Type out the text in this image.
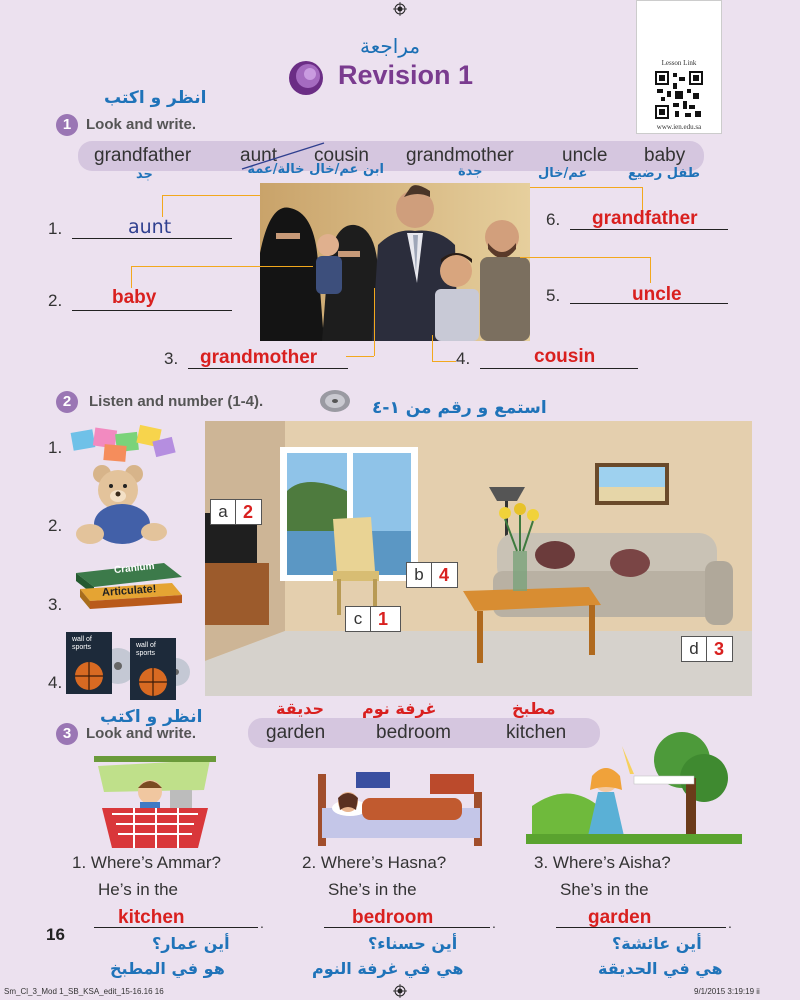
مراجعة
Revision 1	Lesson Link
www.ien.edu.sa
انظر و اكتب
1 Look and write.
grandfather	aunt cousin grandmother	uncle baby
جد	ابن عم/خال خالة/عمة	جدة	عم/خال	طفل رضيع
1.	aunt
2.	baby
3. grandmother	4.	cousin
5.	uncle
6. grandfather
2	Listen and number (1-4).	استمع و رقم من ١-٤
1.
2.
3.
Cranium
Articulate!
4.
wall of sports	wall of sports
a 2
b 4
c 1
d 3
انظر و اكتب
3 Look and write.
حديقة غرفة نوم	مطبخ
garden	bedroom	kitchen
1. Where’s Ammar?
He’s in the
.
kitchen
أين عمار؟
هو في المطبخ
2. Where’s Hasna?
She’s in the
.
bedroom
أين حسناء؟
هي في غرفة النوم
3. Where’s Aisha?
She’s in the
.
garden
أين عائشة؟
هي في الحديقة
16
Sm_Cl_3_Mod 1_SB_KSA_edit_15-16.16 16	9/1/2015 3:19:19 ii
